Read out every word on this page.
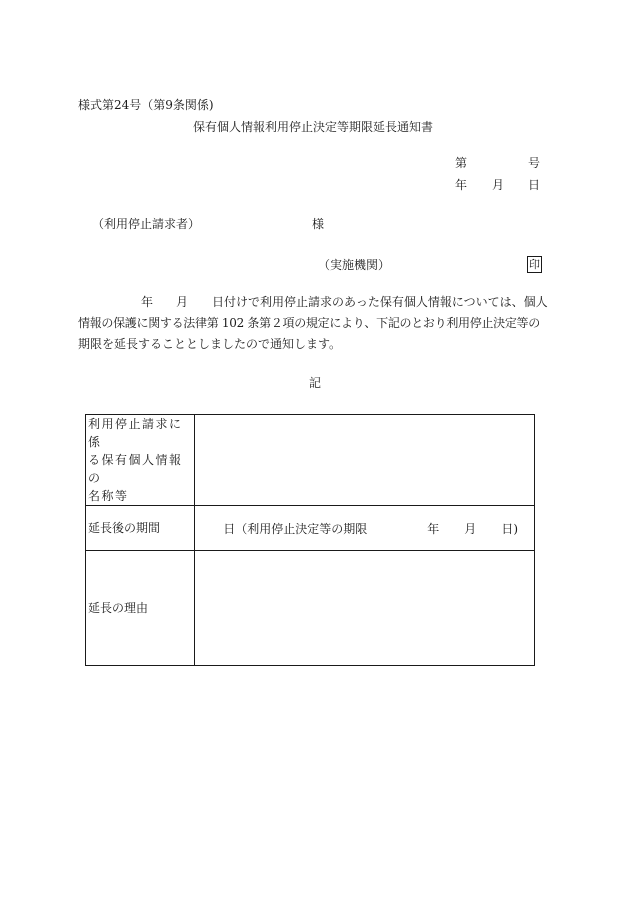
様式第24号（第9条関係)
保有個人情報利用停止決定等期限延長通知書
第	号
年 月 日
（利用停止請求者）	様
（実施機関）	印
年 月 日付けで利用停止請求のあった保有個人情報については、個人
情報の保護に関する法律第 102 条第２項の規定により、下記のとおり利用停止決定等の
期限を延長することとしましたので通知します。
記
利用停止請求に係
る保有個人情報の
名称等	

延長後の期間	日（利用停止決定等の期限 年 月 日)

延長の理由	
